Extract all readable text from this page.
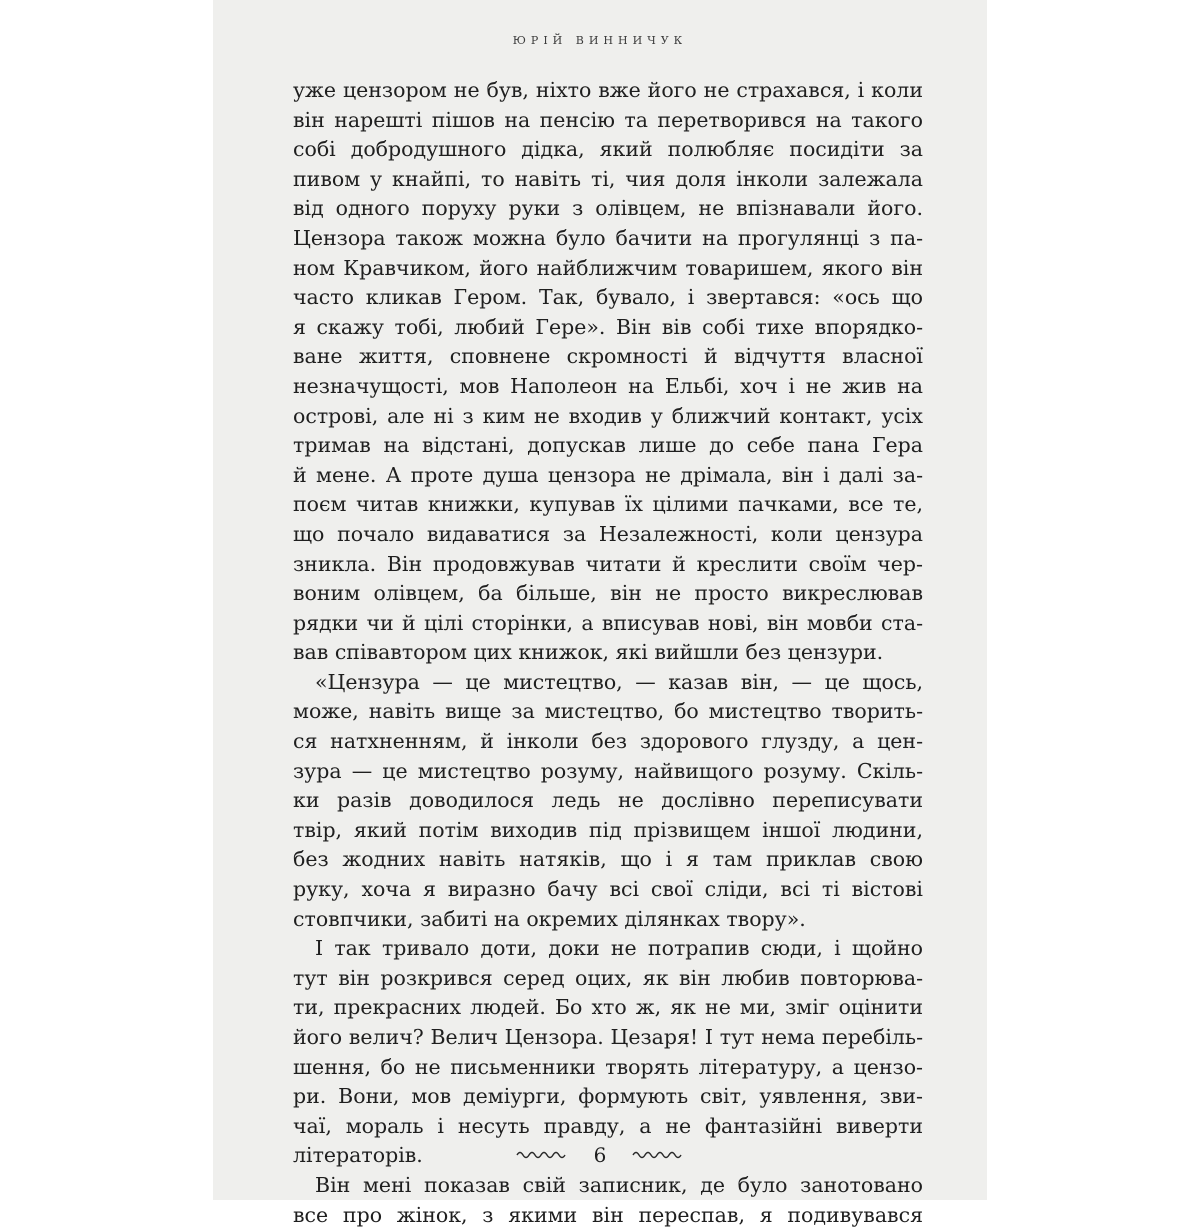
ЮРІЙ ВИННИЧУК
уже цензором не був, ніхто вже його не страхався, і коли
він нарешті пішов на пенсію та перетворився на такого
собі добродушного дідка, який полюбляє посидіти за
пивом у кнайпі, то навіть ті, чия доля інколи залежала
від одного поруху руки з олівцем, не впізнавали його.
Цензора також можна було бачити на прогулянці з па-
ном Кравчиком, його найближчим товаришем, якого він
часто кликав Гером. Так, бувало, і звертався: «ось що
я скажу тобі, любий Гере». Він вів собі тихе впорядко-
ване життя, сповнене скромності й відчуття власної
незначущості, мов Наполеон на Ельбі, хоч і не жив на
острові, але ні з ким не входив у ближчий контакт, усіх
тримав на відстані, допускав лише до себе пана Гера
й мене. А проте душа цензора не дрімала, він і далі за-
поєм читав книжки, купував їх цілими пачками, все те,
що почало видаватися за Незалежності, коли цензура
зникла. Він продовжував читати й креслити своїм чер-
воним олівцем, ба більше, він не просто викреслював
рядки чи й цілі сторінки, а вписував нові, він мовби ста-
вав співавтором цих книжок, які вийшли без цензури.
«Цензура — це мистецтво, — казав він, — це щось,
може, навіть вище за мистецтво, бо мистецтво творить-
ся натхненням, й інколи без здорового глузду, а цен-
зура — це мистецтво розуму, найвищого розуму. Скіль-
ки разів доводилося ледь не дослівно переписувати
твір, який потім виходив під прізвищем іншої людини,
без жодних навіть натяків, що і я там приклав свою
руку, хоча я виразно бачу всі свої сліди, всі ті вістові
стовпчики, забиті на окремих ділянках твору».
І так тривало доти, доки не потрапив сюди, і щойно
тут він розкрився серед оцих, як він любив повторюва-
ти, прекрасних людей. Бо хто ж, як не ми, зміг оцінити
його велич? Велич Цензора. Цезаря! І тут нема перебіль-
шення, бо не письменники творять літературу, а цензо-
ри. Вони, мов деміурги, формують світ, уявлення, зви-
чаї, мораль і несуть правду, а не фантазійні виверти
літераторів.
Він мені показав свій записник, де було занотовано
все про жінок, з якими він переспав, я подивувався
6
